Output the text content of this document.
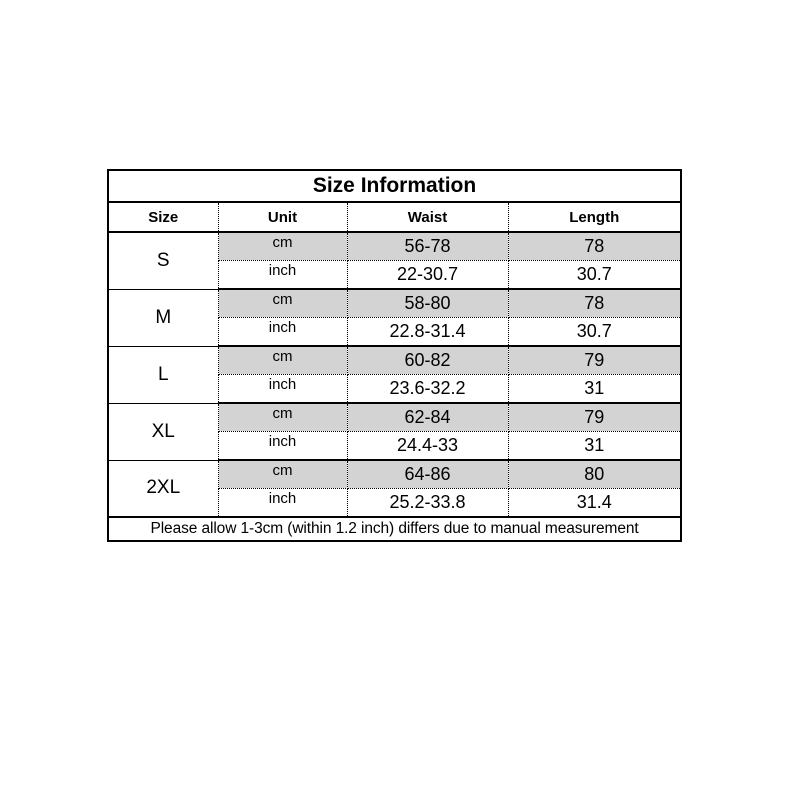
Size Information			
Size	Unit	Waist	Length
S	cm	56-78	78
	inch	22-30.7	30.7
M	cm	58-80	78
	inch	22.8-31.4	30.7
L	cm	60-82	79
	inch	23.6-32.2	31
XL	cm	62-84	79
	inch	24.4-33	31
2XL	cm	64-86	80
	inch	25.2-33.8	31.4
Please allow 1-3cm (within 1.2 inch) differs due to manual measurement			
